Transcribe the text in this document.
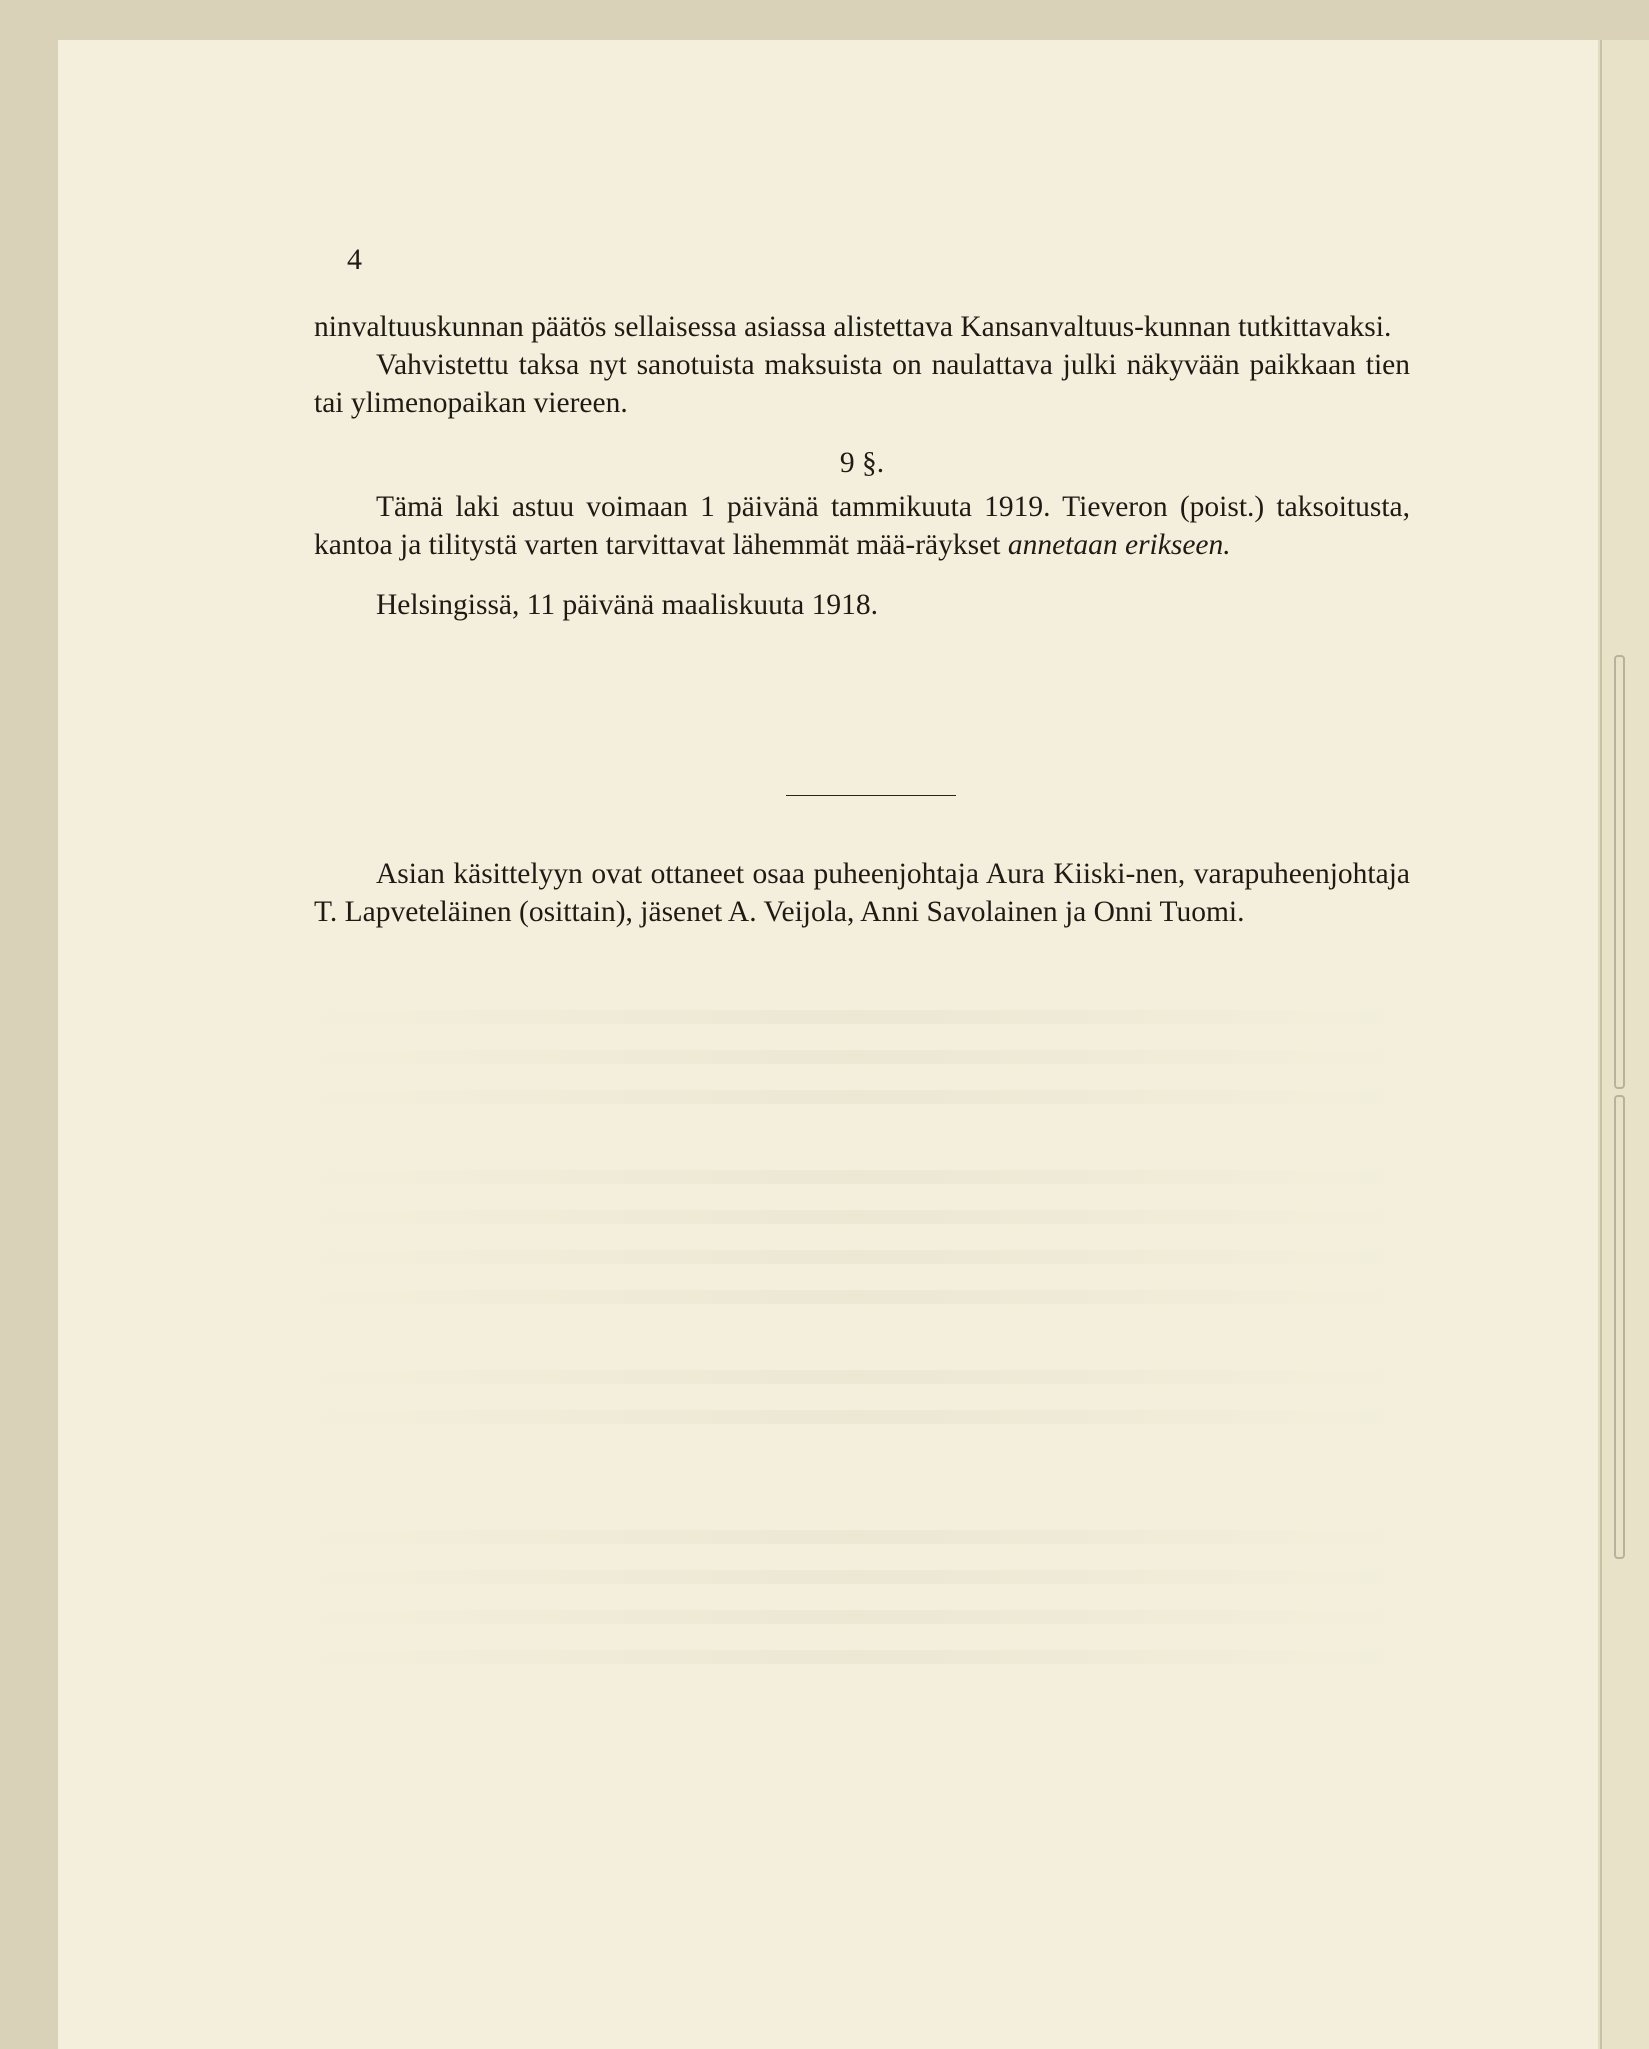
4

ninvaltuuskunnan päätös sellaisessa asiassa alistettava Kansanvaltuus-kunnan tutkittavaksi.

Vahvistettu taksa nyt sanotuista maksuista on naulattava julki näkyvään paikkaan tien tai ylimenopaikan viereen.

9 §.

Tämä laki astuu voimaan 1 päivänä tammikuuta 1919. Tieveron (poist.) taksoitusta, kantoa ja tilitystä varten tarvittavat lähemmät mää-räykset annetaan erikseen.

Helsingissä, 11 päivänä maaliskuuta 1918.

Asian käsittelyyn ovat ottaneet osaa puheenjohtaja Aura Kiiski-nen, varapuheenjohtaja T. Lapveteläinen (osittain), jäsenet A. Veijola, Anni Savolainen ja Onni Tuomi.
